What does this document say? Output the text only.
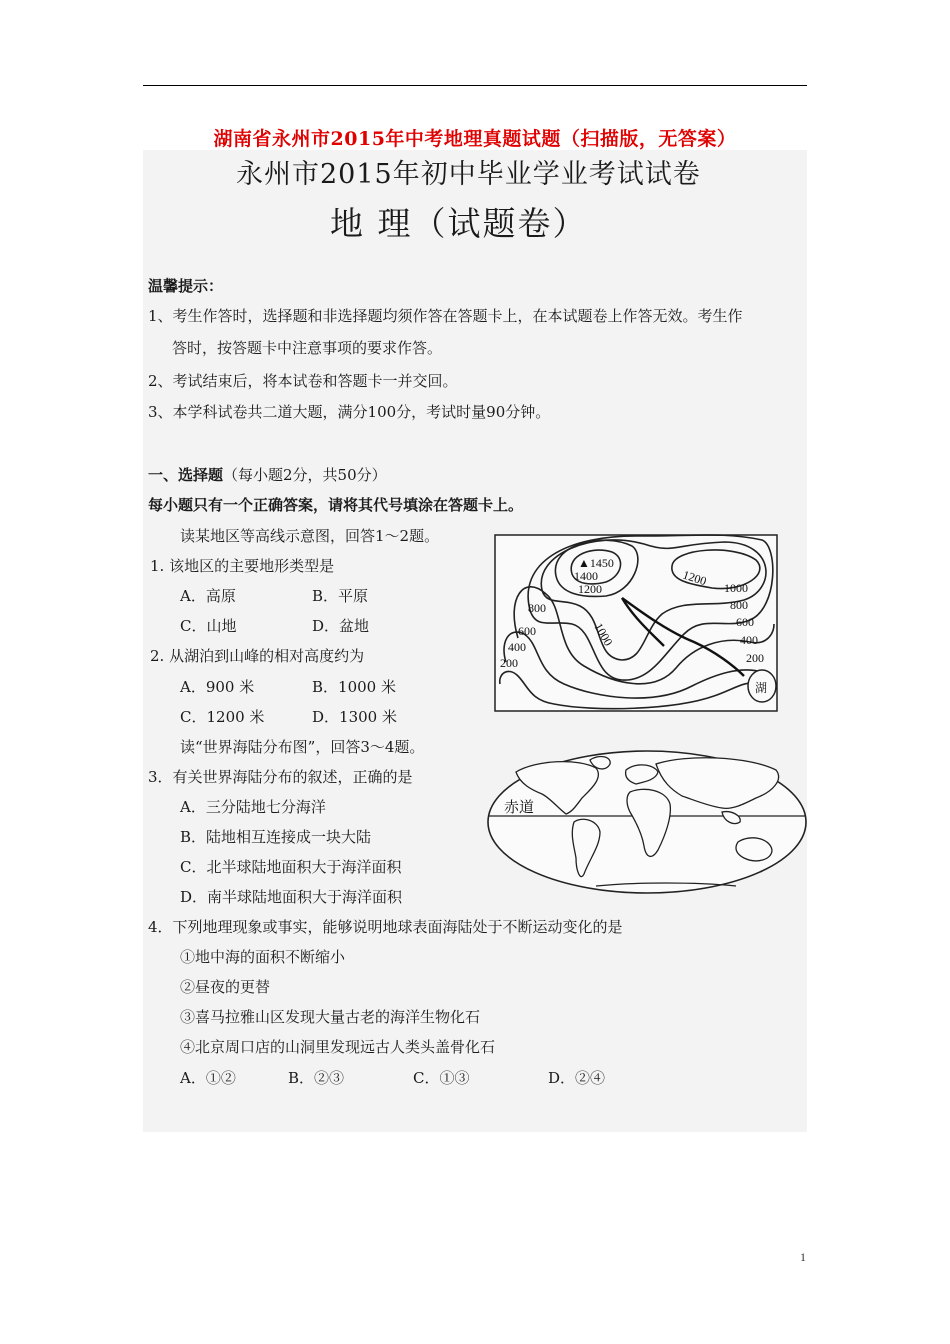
湖南省永州市2015年中考地理真题试题（扫描版，无答案）
永州市2015年初中毕业学业考试试卷
地 理（试题卷）
温馨提示：
1、考生作答时，选择题和非选择题均须作答在答题卡上，在本试题卷上作答无效。考生作
答时，按答题卡中注意事项的要求作答。
2、考试结束后，将本试卷和答题卡一并交回。
3、本学科试卷共二道大题，满分100分，考试时量90分钟。
一、选择题（每小题2分，共50分）
每小题只有一个正确答案，请将其代号填涂在答题卡上。
读某地区等高线示意图，回答1～2题。
1. 该地区的主要地形类型是
A．高原	B．平原
C．山地	D．盆地
2. 从湖泊到山峰的相对高度约为
A．900 米	B．1000 米
C．1200 米	D．1300 米
读“世界海陆分布图”，回答3～4题。
3．有关世界海陆分布的叙述，正确的是
A．三分陆地七分海洋
B．陆地相互连接成一块大陆
C．北半球陆地面积大于海洋面积
D．南半球陆地面积大于海洋面积
4．下列地理现象或事实，能够说明地球表面海陆处于不断运动变化的是
①地中海的面积不断缩小
②昼夜的更替
③喜马拉雅山区发现大量古老的海洋生物化石
④北京周口店的山洞里发现远古人类头盖骨化石
A．①②	B．②③	C．①③	D．②④
▲1450
1400
1200
1200 1000
1000
800	800
600
600
400	400
200	200
湖
赤道
1
